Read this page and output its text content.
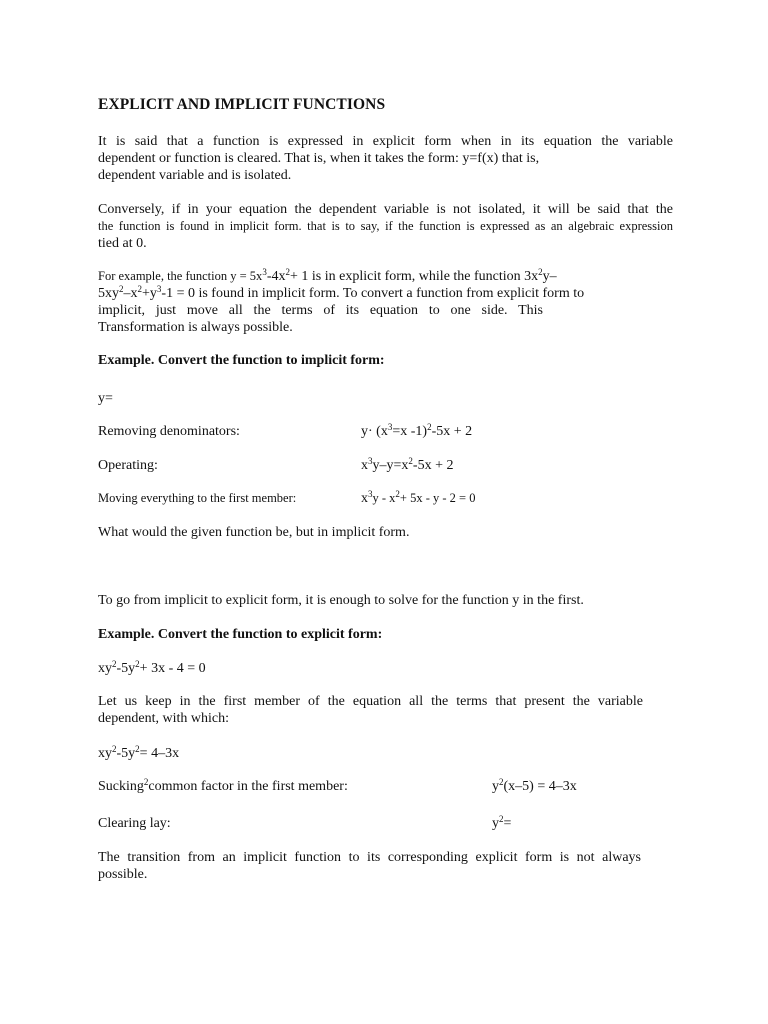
EXPLICIT AND IMPLICIT FUNCTIONS
It is said that a function is expressed in explicit form when in its equation the variable
dependent or function is cleared. That is, when it takes the form: y=f(x) that is,
dependent variable and is isolated.
Conversely, if in your equation the dependent variable is not isolated, it will be said that the
the function is found in implicit form. that is to say, if the function is expressed as an algebraic expression
tied at 0.
For example, the function $y = 5x^3-4x^2+ 1$ is in explicit form, while the function $3x^2y-$
$5xy^2-x^2+y^3-1 = 0$ is found in implicit form. To convert a function from explicit form to
implicit, just move all the terms of its equation to one side. This
Transformation is always possible.
Example. Convert the function to implicit form:
y=
Removing denominators:	$y\cdot (x^3=x$ -1)$^2$-5x + 2
Operating:	$x^3y-y=x^2-5x + 2$
Moving everything to the first member:	$x^3y - x^2+ 5x - y - 2 = 0$
What would the given function be, but in implicit form.
To go from implicit to explicit form, it is enough to solve for the function y in the first.
Example. Convert the function to explicit form:
$xy^2-5y^2+ 3x - 4 = 0$
Let us keep in the first member of the equation all the terms that present the variable
dependent, with which:
$xy^2-5y^2= 4-3x$
Sucking$^2$common factor in the first member:	$y^2(x-5) = 4-3x$
Clearing lay:	$y^2=$
The transition from an implicit function to its corresponding explicit form is not always
possible.
